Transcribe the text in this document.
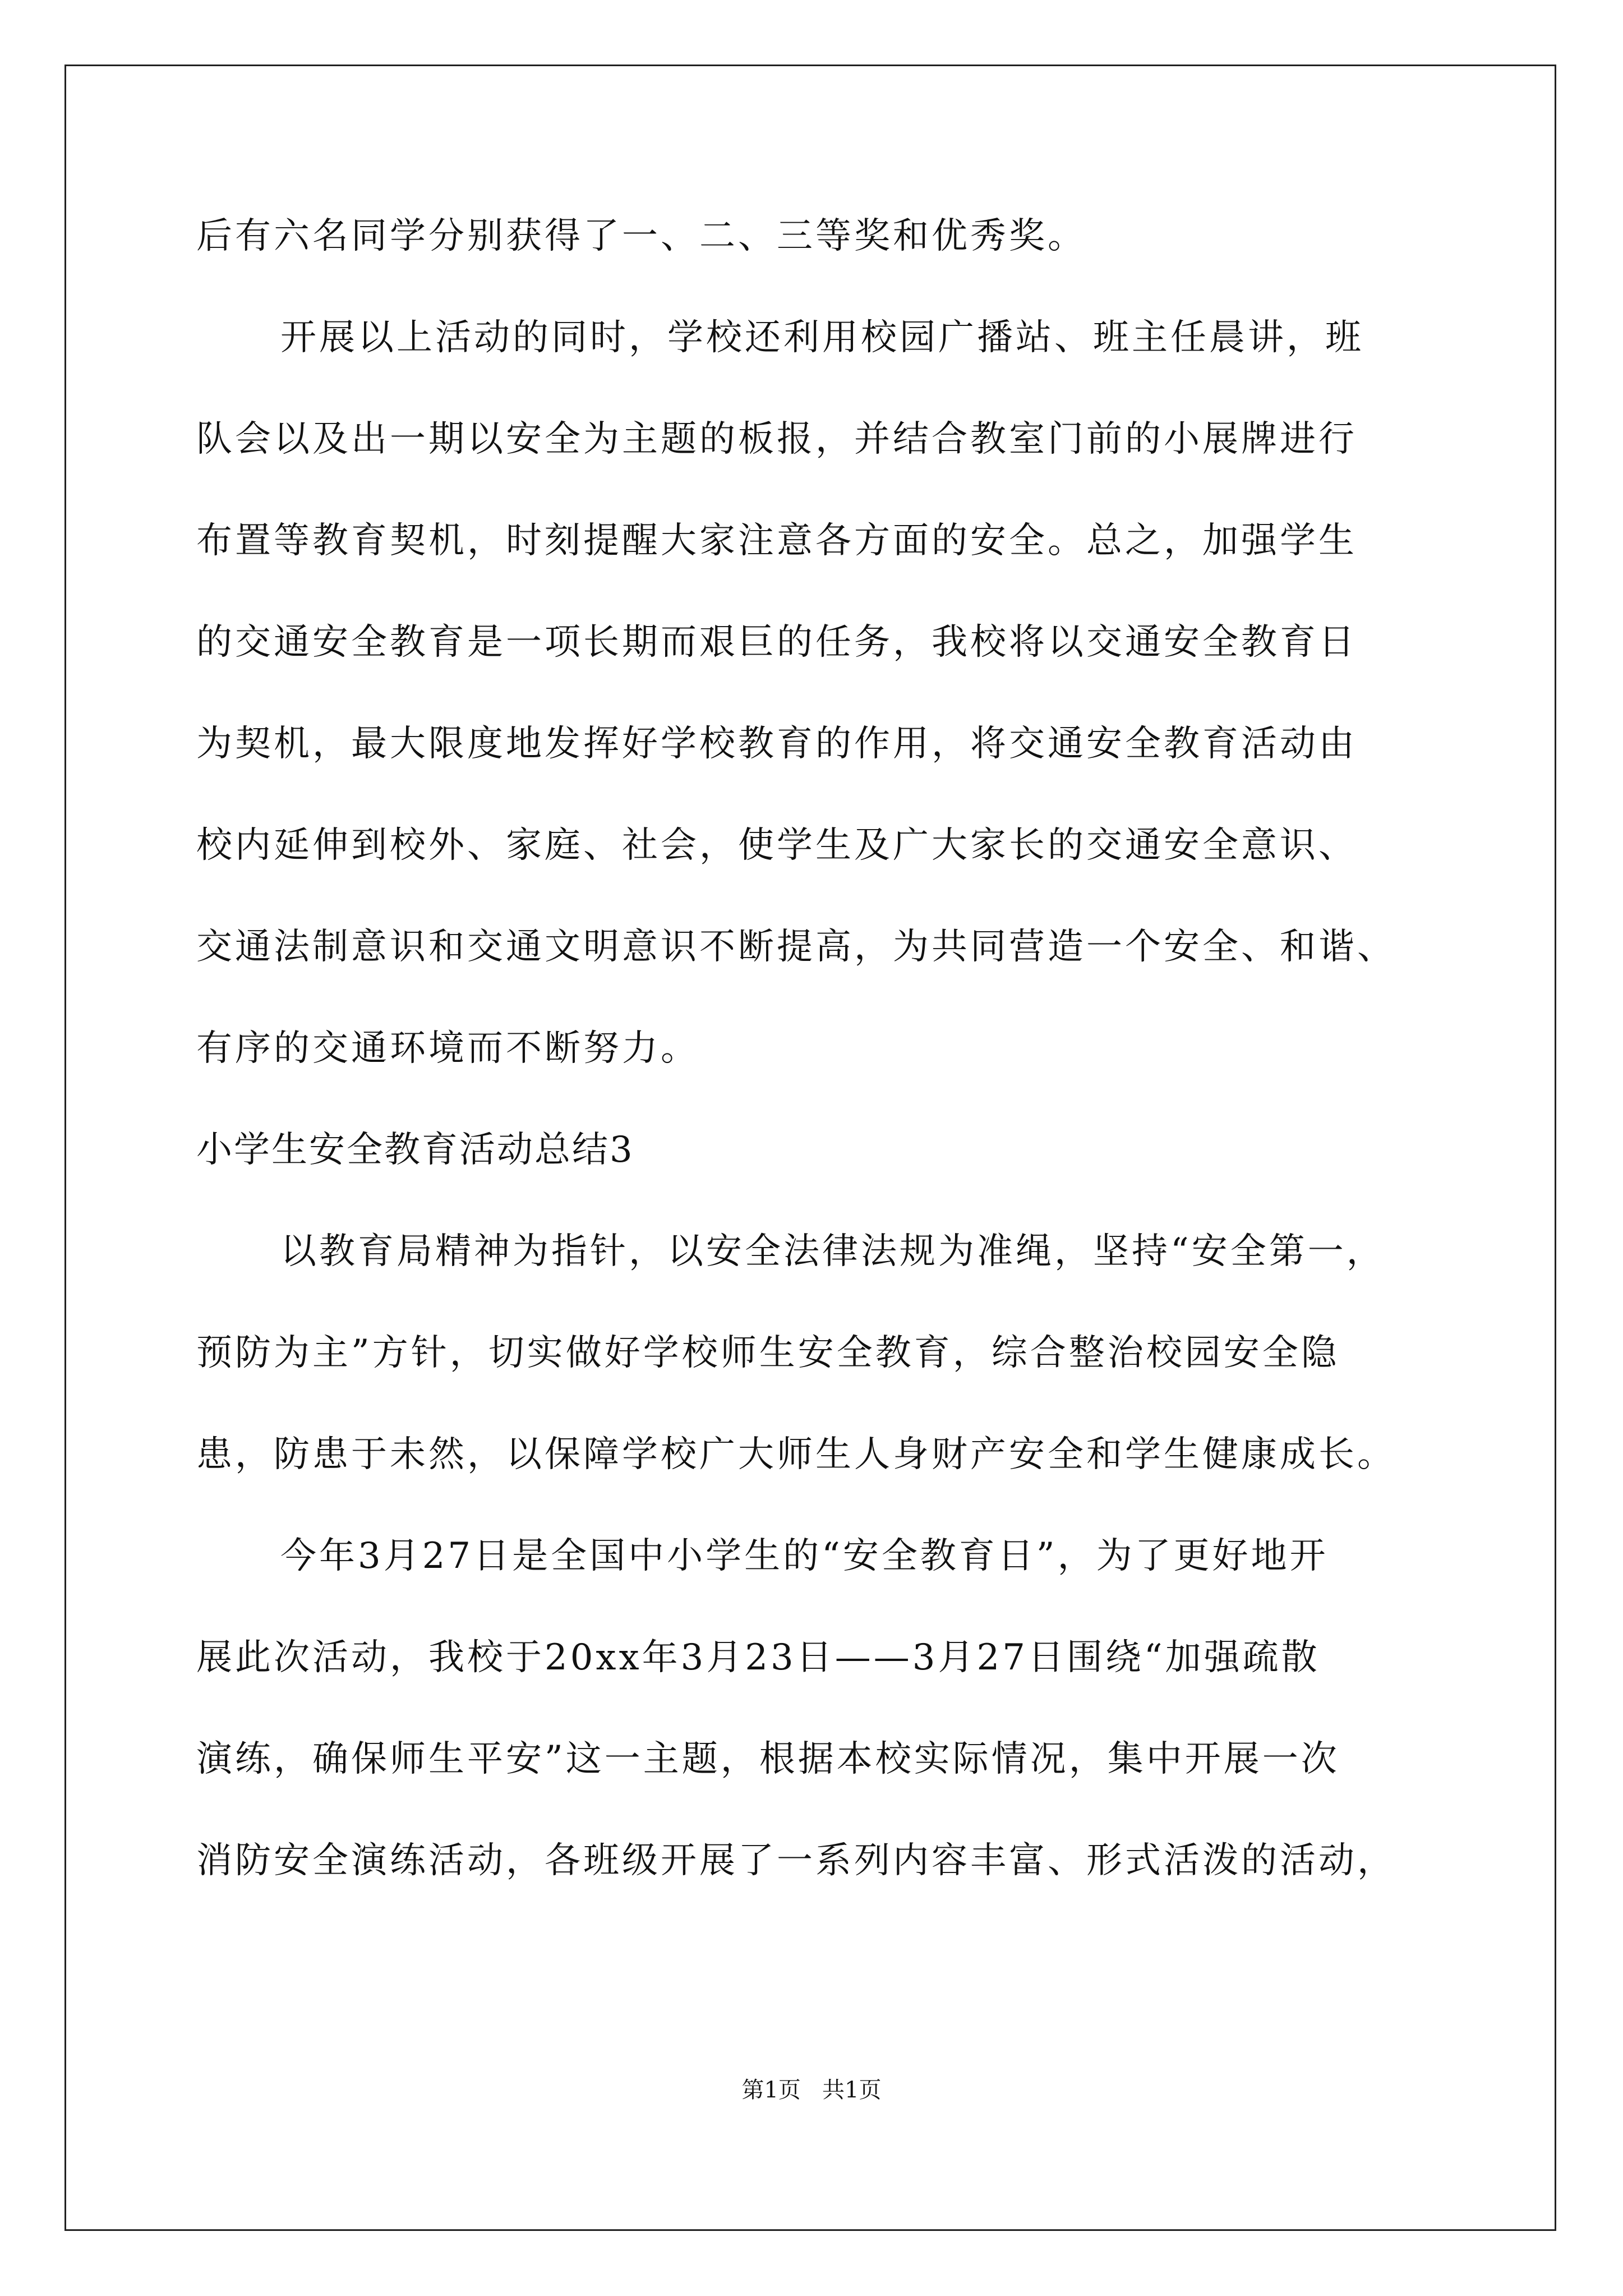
后有六名同学分别获得了一、二、三等奖和优秀奖。
开展以上活动的同时，学校还利用校园广播站、班主任晨讲，班
队会以及出一期以安全为主题的板报，并结合教室门前的小展牌进行
布置等教育契机，时刻提醒大家注意各方面的安全。总之，加强学生
的交通安全教育是一项长期而艰巨的任务，我校将以交通安全教育日
为契机，最大限度地发挥好学校教育的作用，将交通安全教育活动由
校内延伸到校外、家庭、社会，使学生及广大家长的交通安全意识、
交通法制意识和交通文明意识不断提高，为共同营造一个安全、和谐、
有序的交通环境而不断努力。
小学生安全教育活动总结3
以教育局精神为指针，以安全法律法规为准绳，坚持“安全第一，
预防为主”方针，切实做好学校师生安全教育，综合整治校园安全隐
患，防患于未然，以保障学校广大师生人身财产安全和学生健康成长。
今年3月27日是全国中小学生的“安全教育日”，为了更好地开
展此次活动，我校于20xx年3月23日——3月27日围绕“加强疏散
演练，确保师生平安”这一主题，根据本校实际情况，集中开展一次
消防安全演练活动，各班级开展了一系列内容丰富、形式活泼的活动，
第1页   共1页
